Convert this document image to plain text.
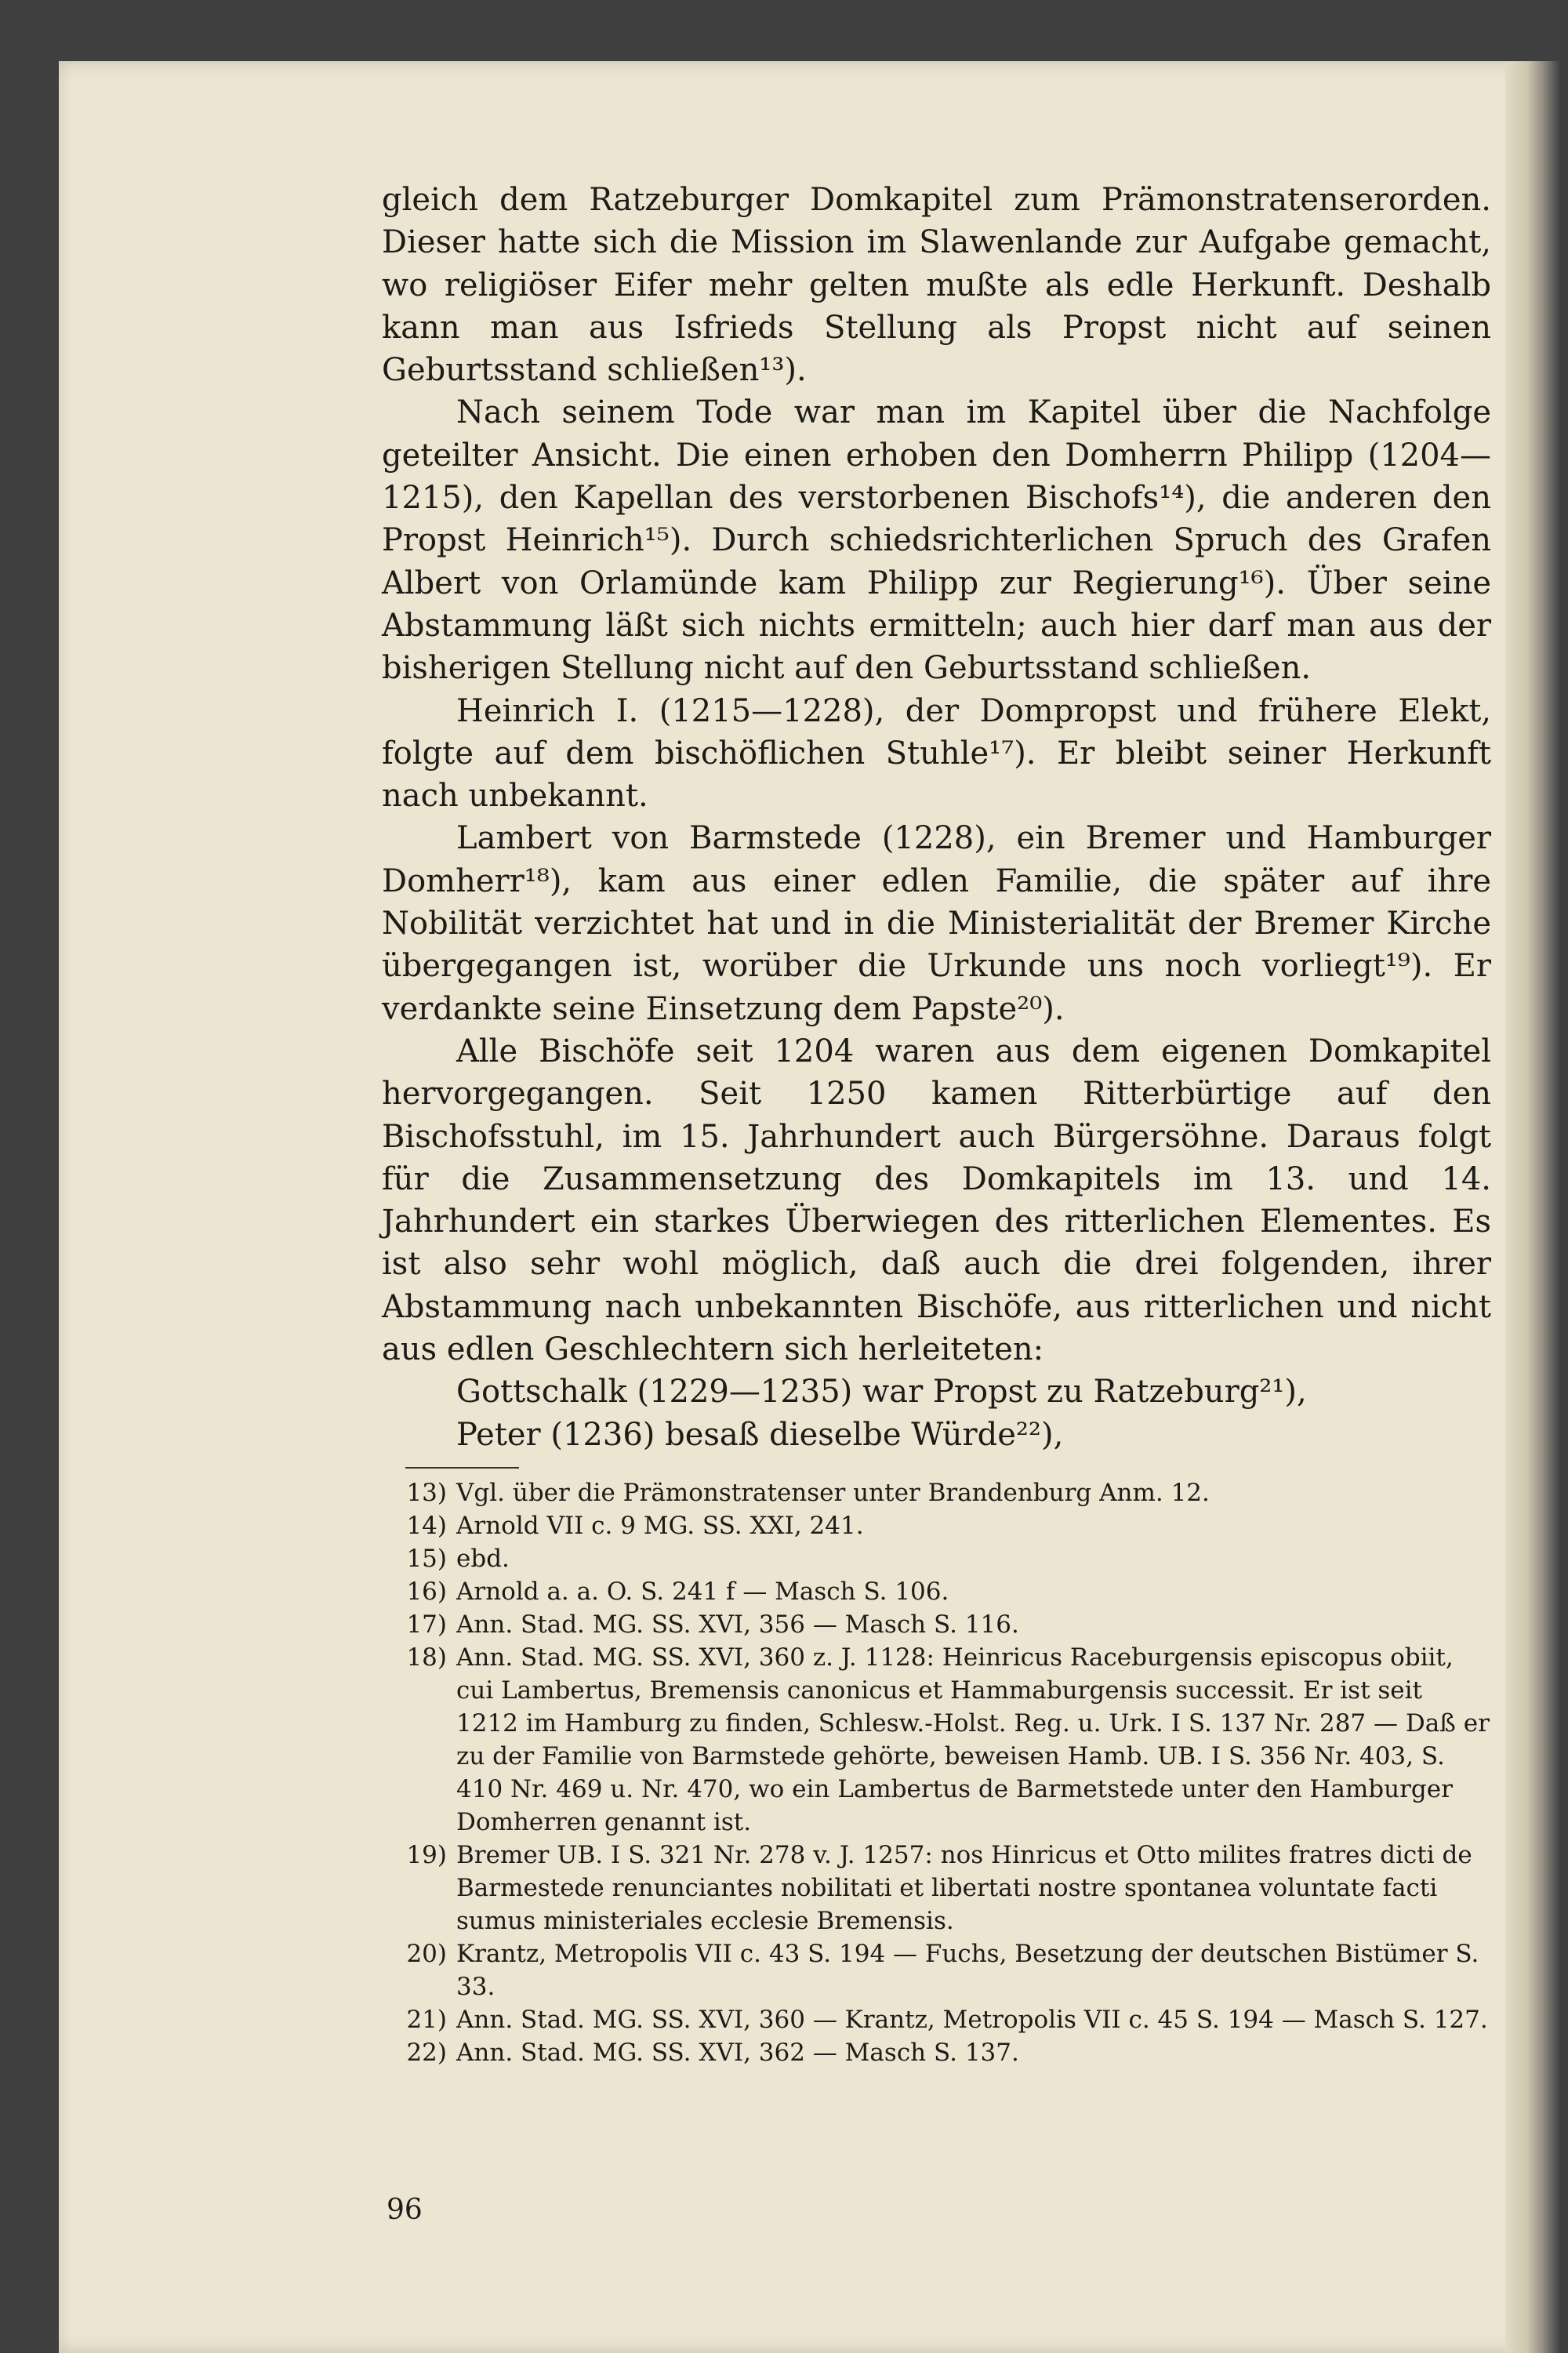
gleich dem Ratzeburger Domkapitel zum Prämonstratenserorden. Dieser hatte sich die Mission im Slawenlande zur Aufgabe gemacht, wo religiöser Eifer mehr gelten mußte als edle Herkunft. Deshalb kann man aus Isfrieds Stellung als Propst nicht auf seinen Geburtsstand schließen¹³).

Nach seinem Tode war man im Kapitel über die Nachfolge geteilter Ansicht. Die einen erhoben den Domherrn Philipp (1204—1215), den Kapellan des verstorbenen Bischofs¹⁴), die anderen den Propst Heinrich¹⁵). Durch schiedsrichterlichen Spruch des Grafen Albert von Orlamünde kam Philipp zur Regierung¹⁶). Über seine Abstammung läßt sich nichts ermitteln; auch hier darf man aus der bisherigen Stellung nicht auf den Geburtsstand schließen.

Heinrich I. (1215—1228), der Dompropst und frühere Elekt, folgte auf dem bischöflichen Stuhle¹⁷). Er bleibt seiner Herkunft nach unbekannt.

Lambert von Barmstede (1228), ein Bremer und Hamburger Domherr¹⁸), kam aus einer edlen Familie, die später auf ihre Nobilität verzichtet hat und in die Ministerialität der Bremer Kirche übergegangen ist, worüber die Urkunde uns noch vorliegt¹⁹). Er verdankte seine Einsetzung dem Papste²⁰).

Alle Bischöfe seit 1204 waren aus dem eigenen Domkapitel hervorgegangen. Seit 1250 kamen Ritterbürtige auf den Bischofsstuhl, im 15. Jahrhundert auch Bürgersöhne. Daraus folgt für die Zusammensetzung des Domkapitels im 13. und 14. Jahrhundert ein starkes Überwiegen des ritterlichen Elementes. Es ist also sehr wohl möglich, daß auch die drei folgenden, ihrer Abstammung nach unbekannten Bischöfe, aus ritterlichen und nicht aus edlen Geschlechtern sich herleiteten:

Gottschalk (1229—1235) war Propst zu Ratzeburg²¹),

Peter (1236) besaß dieselbe Würde²²),

13) Vgl. über die Prämonstratenser unter Brandenburg Anm. 12.
14) Arnold VII c. 9 MG. SS. XXI, 241.
15) ebd.
16) Arnold a. a. O. S. 241 f — Masch S. 106.
17) Ann. Stad. MG. SS. XVI, 356 — Masch S. 116.
18) Ann. Stad. MG. SS. XVI, 360 z. J. 1128: Heinricus Raceburgensis episcopus obiit, cui Lambertus, Bremensis canonicus et Hammaburgensis successit. Er ist seit 1212 im Hamburg zu finden, Schlesw.-Holst. Reg. u. Urk. I S. 137 Nr. 287 — Daß er zu der Familie von Barmstede gehörte, beweisen Hamb. UB. I S. 356 Nr. 403, S. 410 Nr. 469 u. Nr. 470, wo ein Lambertus de Barmetstede unter den Hamburger Domherren genannt ist.
19) Bremer UB. I S. 321 Nr. 278 v. J. 1257: nos Hinricus et Otto milites fratres dicti de Barmestede renunciantes nobilitati et libertati nostre spontanea voluntate facti sumus ministeriales ecclesie Bremensis.
20) Krantz, Metropolis VII c. 43 S. 194 — Fuchs, Besetzung der deutschen Bistümer S. 33.
21) Ann. Stad. MG. SS. XVI, 360 — Krantz, Metropolis VII c. 45 S. 194 — Masch S. 127.
22) Ann. Stad. MG. SS. XVI, 362 — Masch S. 137.
96
